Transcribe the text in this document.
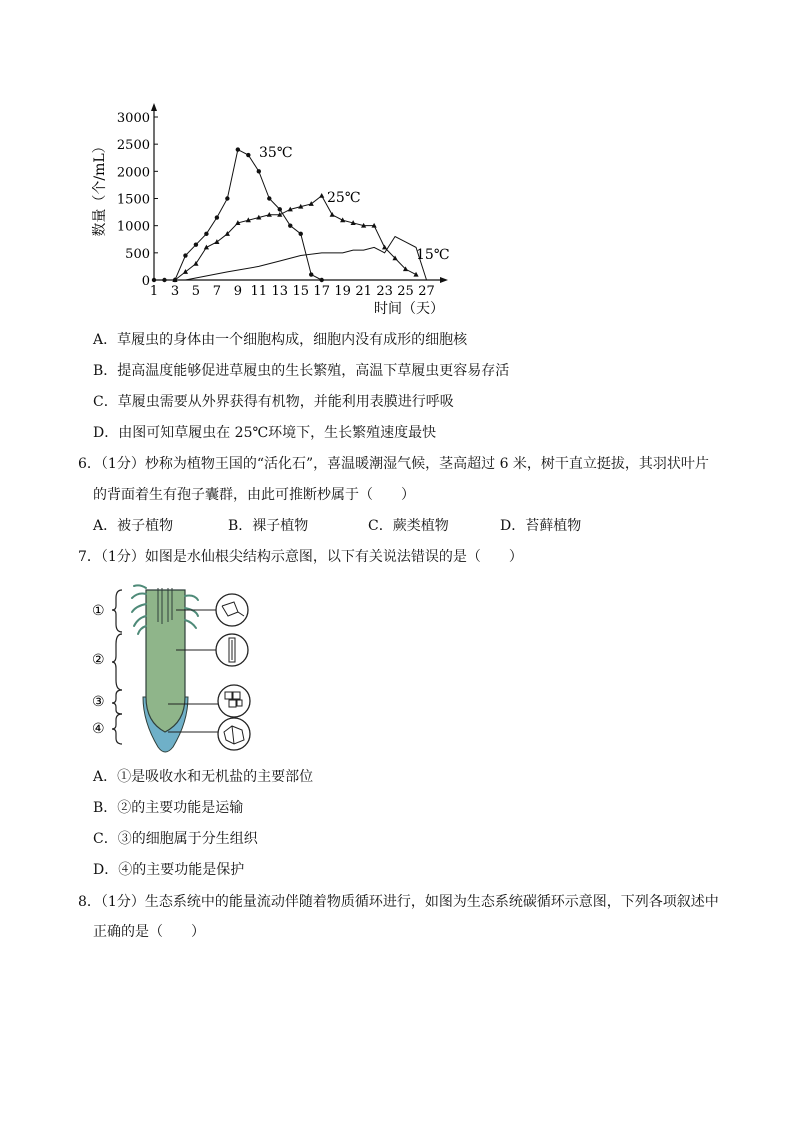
3000
2500
2000
1500
1000
500
0
1 3 5 7 9 11 13 15 17 19 21 23 25 27
35℃
25℃
15℃
数量（个/mL）
时间（天）
A．草履虫的身体由一个细胞构成，细胞内没有成形的细胞核
B．提高温度能够促进草履虫的生长繁殖，高温下草履虫更容易存活
C．草履虫需要从外界获得有机物，并能利用表膜进行呼吸
D．由图可知草履虫在 25℃环境下，生长繁殖速度最快
6．（1分）杪称为植物王国的“活化石”，喜温暖潮湿气候，茎高超过 6 米，树干直立挺拔，其羽状叶片
的背面着生有孢子囊群，由此可推断杪属于（　　）
A．被子植物	B．裸子植物	C．蕨类植物	D．苔藓植物
7．（1分）如图是水仙根尖结构示意图，以下有关说法错误的是（　　）
①
②
③
④
A．①是吸收水和无机盐的主要部位
B．②的主要功能是运输
C．③的细胞属于分生组织
D．④的主要功能是保护
8．（1分）生态系统中的能量流动伴随着物质循环进行，如图为生态系统碳循环示意图，下列各项叙述中
正确的是（　　）
